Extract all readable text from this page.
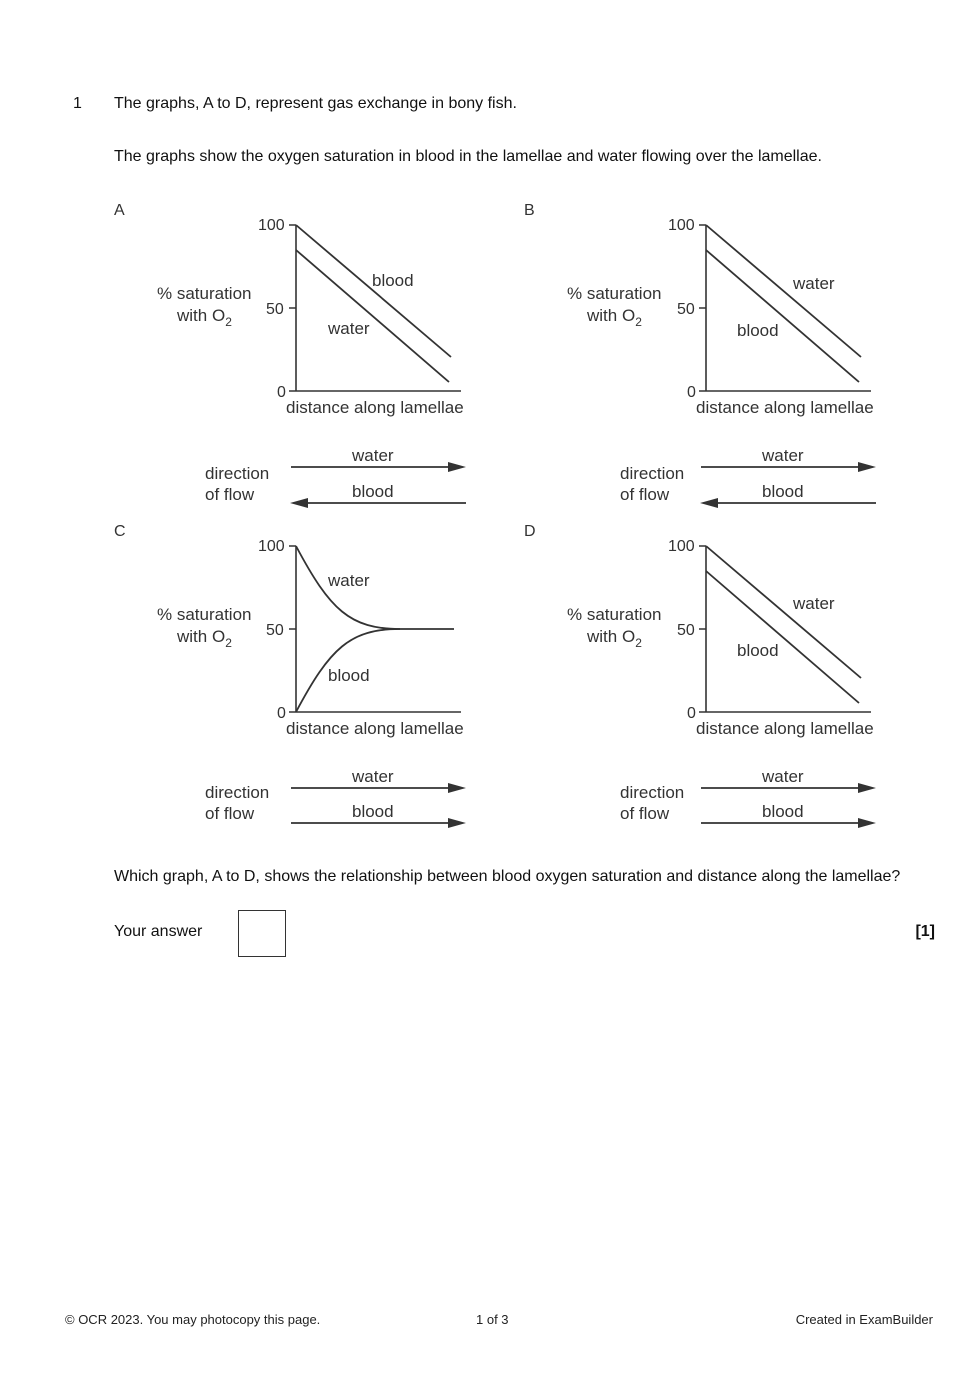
1 The graphs, A to D, represent gas exchange in bony fish.
The graphs show the oxygen saturation in blood in the lamellae and water flowing over the lamellae.
A
% saturation
with $O_2$
100
50
0
blood
water
distance along lamellae
direction
of flow
water
blood
B
% saturation
with $O_2$
100
50
0
water
blood
distance along lamellae
direction
of flow
water
blood
C
% saturation
with $O_2$
100
50
0
water
blood
distance along lamellae
direction
of flow
water
blood
D
% saturation
with $O_2$
100
50
0
water
blood
distance along lamellae
direction
of flow
water
blood
Which graph, A to D, shows the relationship between blood oxygen saturation and distance along the lamellae?
Your answer	[1]
© OCR 2023. You may photocopy this page.	1 of 3	Created in ExamBuilder
